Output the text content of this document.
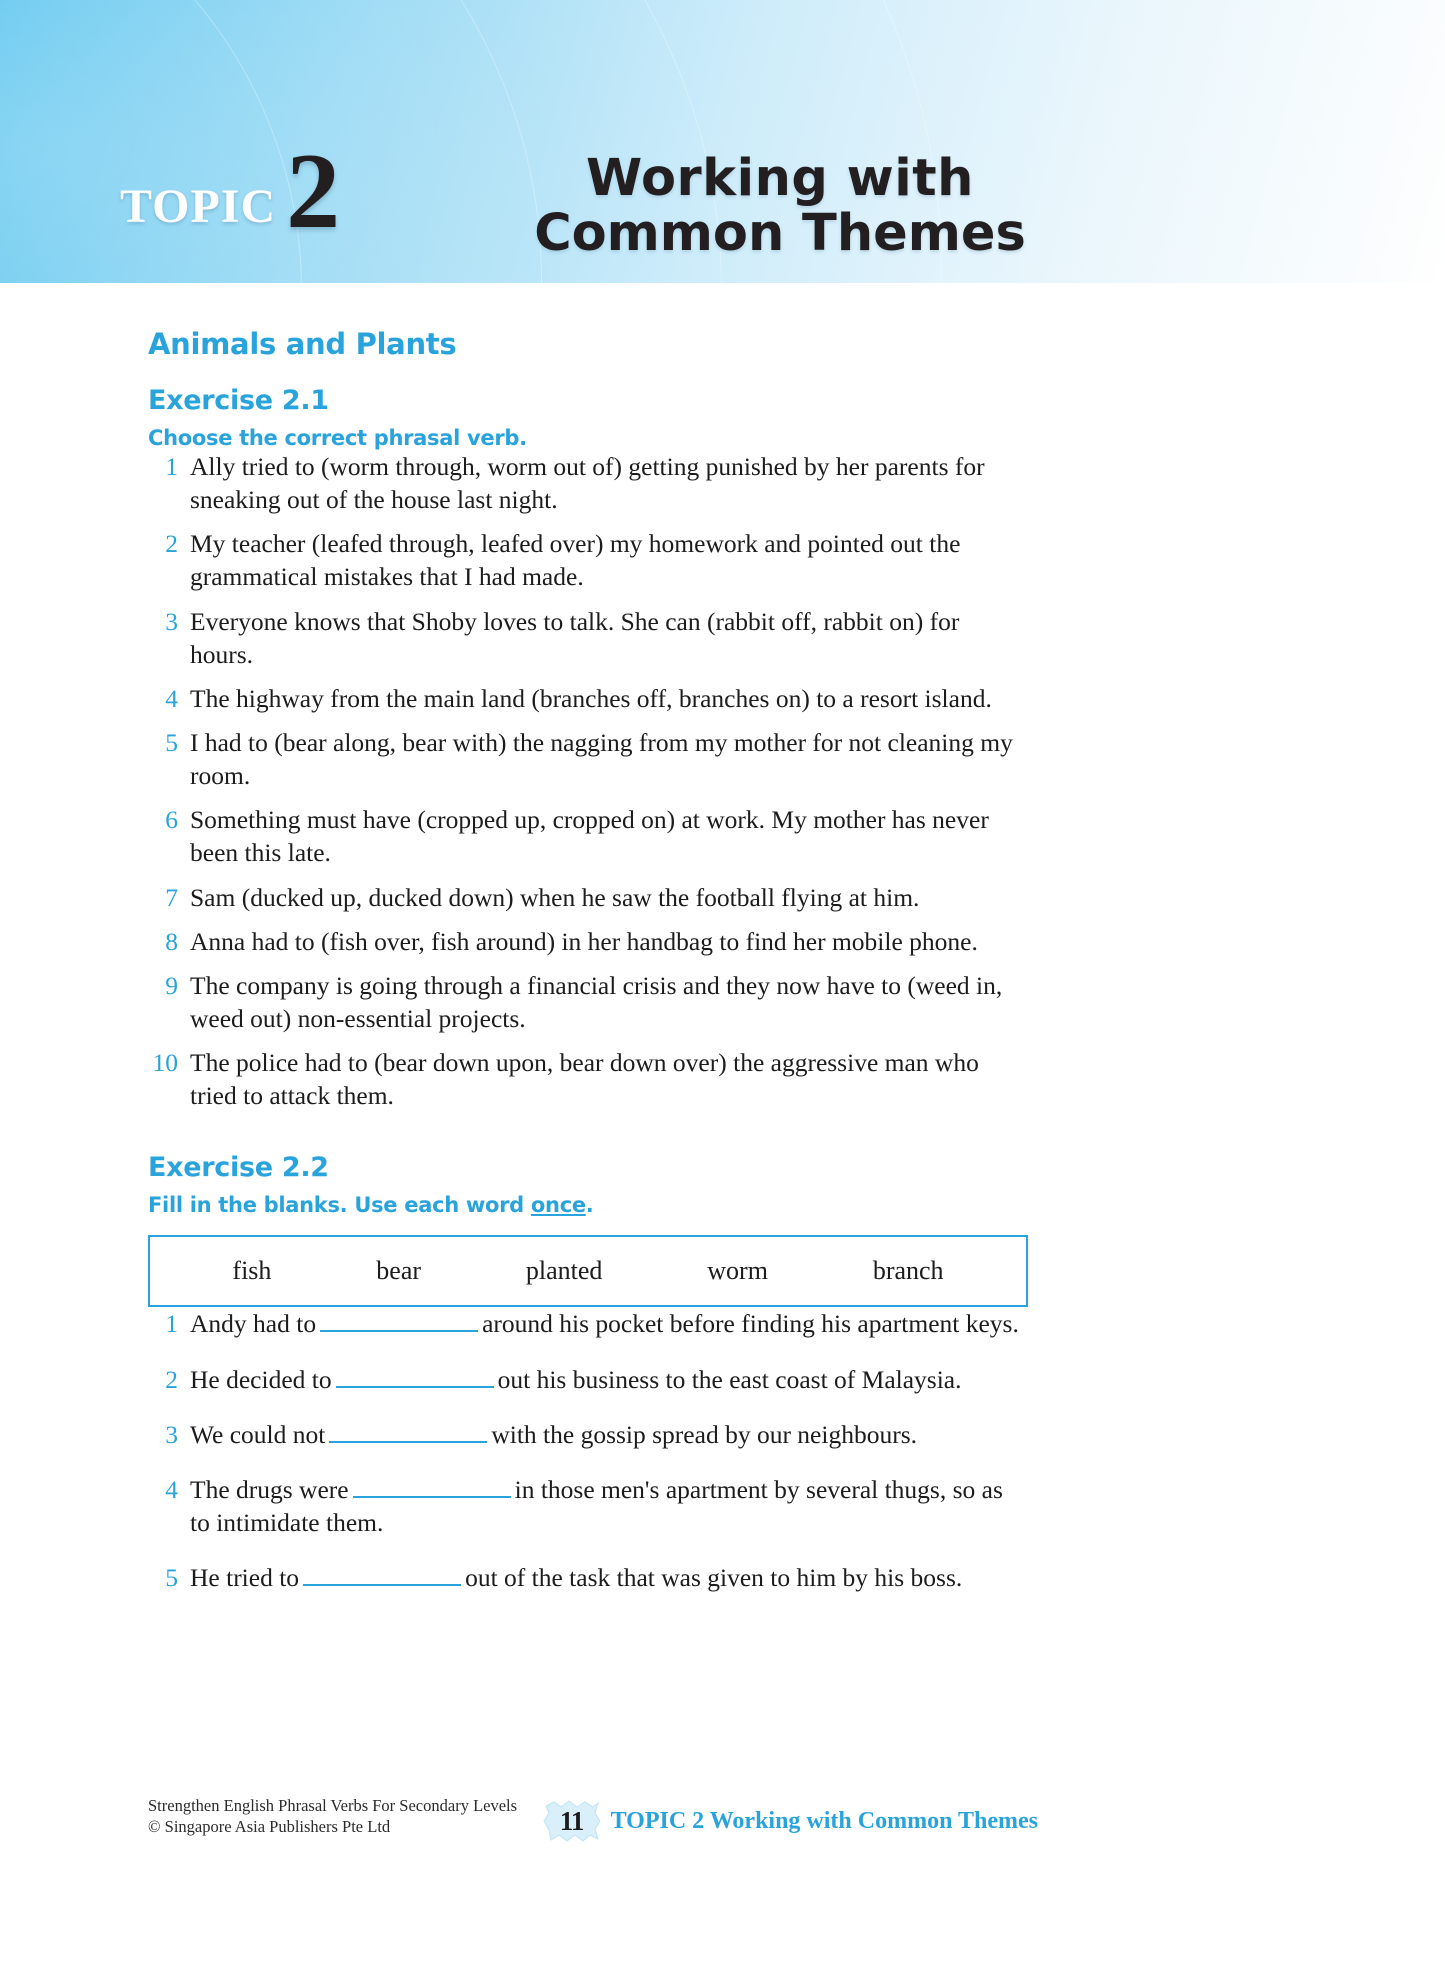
TOPIC 2	Working with
Common Themes
Animals and Plants
Exercise 2.1
Choose the correct phrasal verb.
1 Ally tried to (worm through, worm out of) getting punished by her parents for sneaking out of the house last night.
2 My teacher (leafed through, leafed over) my homework and pointed out the grammatical mistakes that I had made.
3 Everyone knows that Shoby loves to talk. She can (rabbit off, rabbit on) for hours.
4 The highway from the main land (branches off, branches on) to a resort island.
5 I had to (bear along, bear with) the nagging from my mother for not cleaning my room.
6 Something must have (cropped up, cropped on) at work. My mother has never been this late.
7 Sam (ducked up, ducked down) when he saw the football flying at him.
8 Anna had to (fish over, fish around) in her handbag to find her mobile phone.
9 The company is going through a financial crisis and they now have to (weed in, weed out) non-essential projects.
10 The police had to (bear down upon, bear down over) the aggressive man who tried to attack them.
Exercise 2.2
Fill in the blanks. Use each word once.
fish	bear	planted	worm	branch
1 Andy had to	around his pocket before finding his apartment keys.
2 He decided to	out his business to the east coast of Malaysia.
3 We could not	with the gossip spread by our neighbours.
4 The drugs were	in those men's apartment by several thugs, so as to intimidate them.
5 He tried to	out of the task that was given to him by his boss.
Strengthen English Phrasal Verbs For Secondary Levels
© Singapore Asia Publishers Pte Ltd	11 TOPIC 2 Working with Common Themes
